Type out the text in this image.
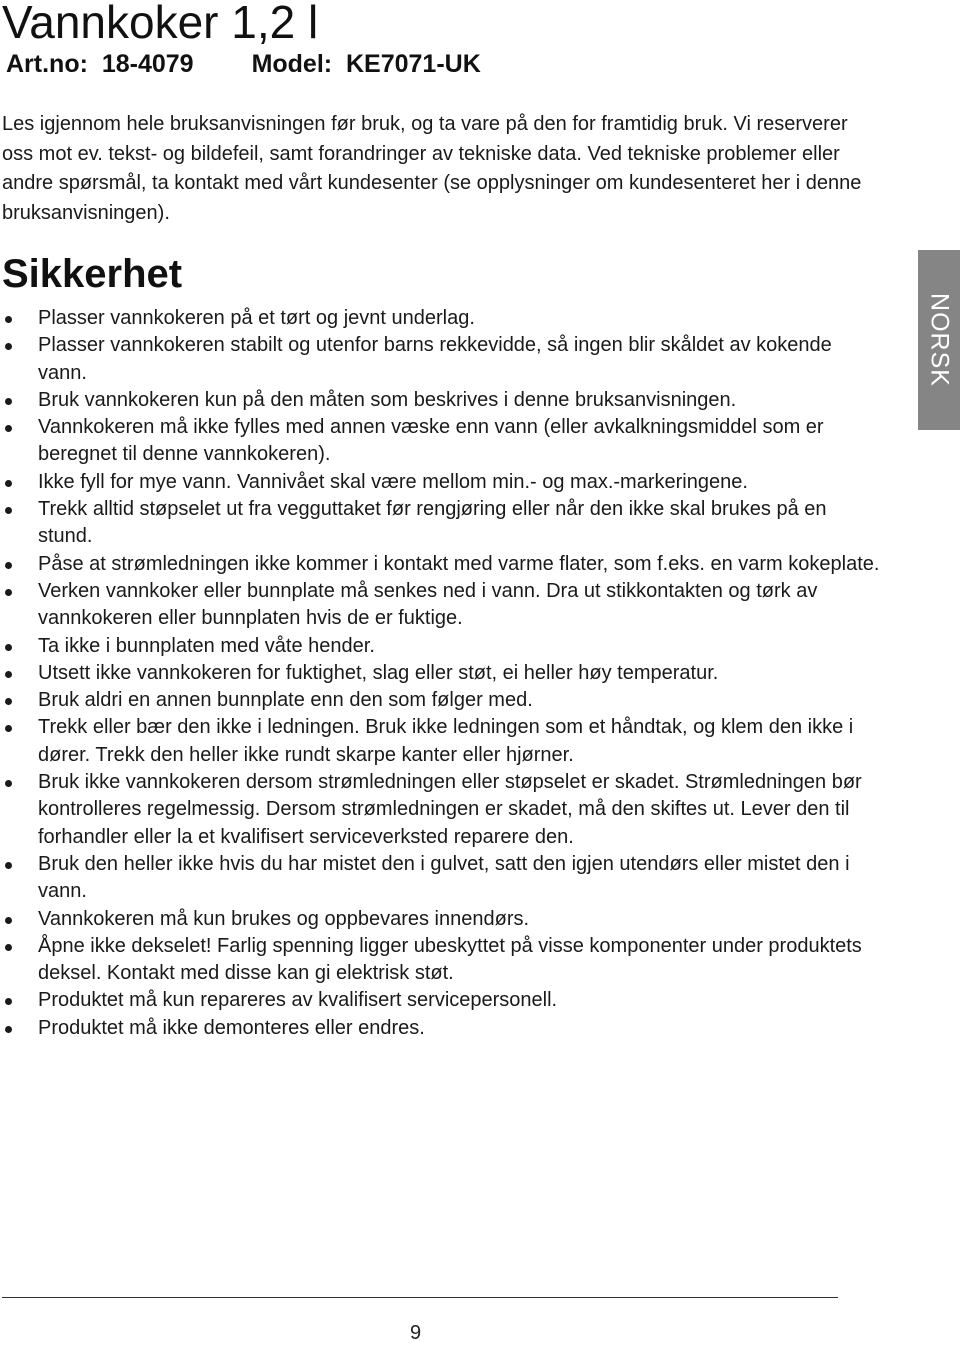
Vannkoker 1,2 l
Art.no:  18-4079 Model:  KE7071-UK

Les igjennom hele bruksanvisningen før bruk, og ta vare på den for framtidig bruk. Vi reserverer oss mot ev. tekst- og bildefeil, samt forandringer av tekniske data. Ved tekniske problemer eller andre spørsmål, ta kontakt med vårt kundesenter (se opplysninger om kundesenteret her i denne bruksanvisningen).

Sikkerhet
Plasser vannkokeren på et tørt og jevnt underlag.
Plasser vannkokeren stabilt og utenfor barns rekkevidde, så ingen blir skåldet av kokende vann.
Bruk vannkokeren kun på den måten som beskrives i denne bruksanvisningen.
Vannkokeren må ikke fylles med annen væske enn vann (eller avkalkningsmiddel som er beregnet til denne vannkokeren).
Ikke fyll for mye vann. Vannivået skal være mellom min.- og max.-markeringene.
Trekk alltid støpselet ut fra vegguttaket før rengjøring eller når den ikke skal brukes på en stund.
Påse at strømledningen ikke kommer i kontakt med varme flater, som f.eks. en varm kokeplate.
Verken vannkoker eller bunnplate må senkes ned i vann. Dra ut stikkontakten og tørk av vannkokeren eller bunnplaten hvis de er fuktige.
Ta ikke i bunnplaten med våte hender.
Utsett ikke vannkokeren for fuktighet, slag eller støt, ei heller høy temperatur.
Bruk aldri en annen bunnplate enn den som følger med.
Trekk eller bær den ikke i ledningen. Bruk ikke ledningen som et håndtak, og klem den ikke i dører. Trekk den heller ikke rundt skarpe kanter eller hjørner.
Bruk ikke vannkokeren dersom strømledningen eller støpselet er skadet. Strømledningen bør kontrolleres regelmessig. Dersom strømledningen er skadet, må den skiftes ut. Lever den til forhandler eller la et kvalifisert serviceverksted reparere den.
Bruk den heller ikke hvis du har mistet den i gulvet, satt den igjen utendørs eller mistet den i vann.
Vannkokeren må kun brukes og oppbevares innendørs.
Åpne ikke dekselet! Farlig spenning ligger ubeskyttet på visse komponenter under produktets deksel. Kontakt med disse kan gi elektrisk støt.
Produktet må kun repareres av kvalifisert servicepersonell.
Produktet må ikke demonteres eller endres.
NORSK
9
